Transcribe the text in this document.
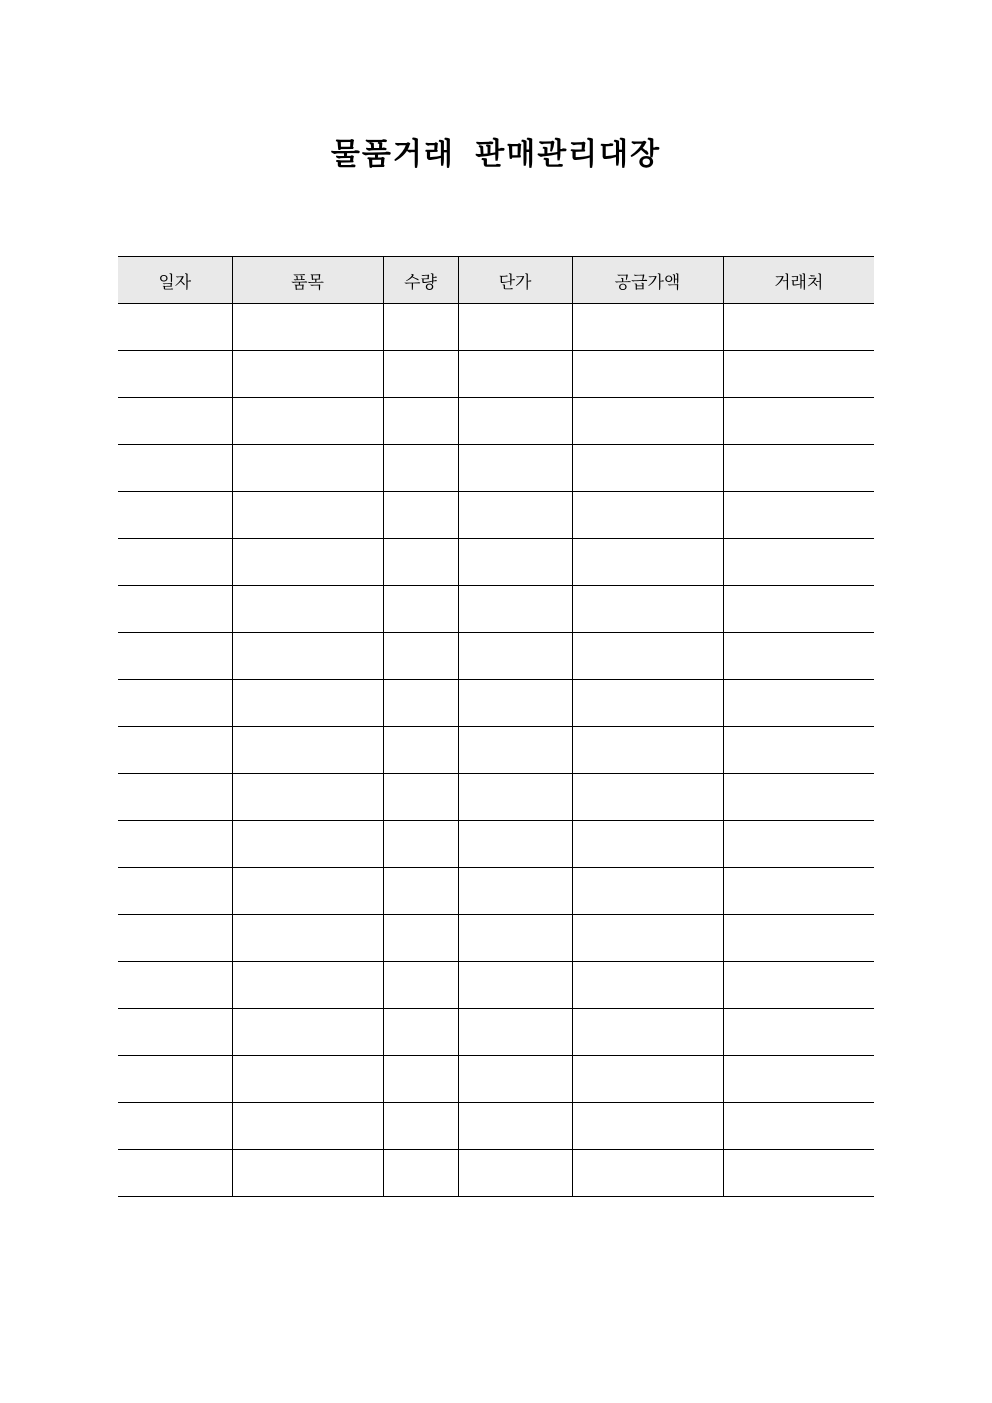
물품거래 판매관리대장
일자	품목	수량	단가	공급가액	거래처
